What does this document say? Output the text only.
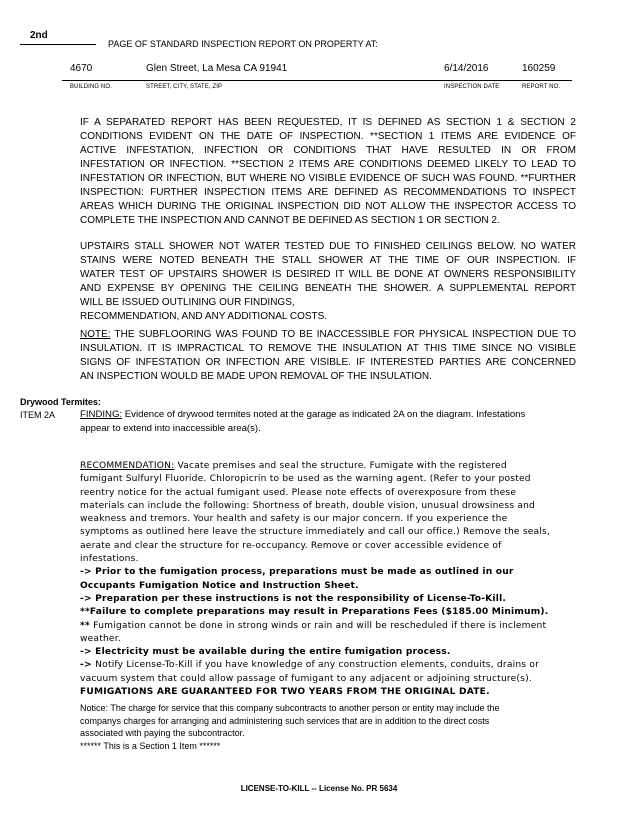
2nd
PAGE OF STANDARD INSPECTION REPORT ON PROPERTY AT:
4670	Glen Street, La Mesa CA 91941	6/14/2016	160259
BUILDING NO.	STREET, CITY, STATE, ZIP	INSPECTION DATE	REPORT NO.
IF A SEPARATED REPORT HAS BEEN REQUESTED, IT IS DEFINED AS SECTION 1 & SECTION 2
CONDITIONS EVIDENT ON THE DATE OF INSPECTION. **SECTION 1 ITEMS ARE EVIDENCE OF
ACTIVE INFESTATION, INFECTION OR CONDITIONS THAT HAVE RESULTED IN OR FROM
INFESTATION OR INFECTION. **SECTION 2 ITEMS ARE CONDITIONS DEEMED LIKELY TO LEAD TO
INFESTATION OR INFECTION, BUT WHERE NO VISIBLE EVIDENCE OF SUCH WAS FOUND. **FURTHER
INSPECTION: FURTHER INSPECTION ITEMS ARE DEFINED AS RECOMMENDATIONS TO INSPECT
AREAS WHICH DURING THE ORIGINAL INSPECTION DID NOT ALLOW THE INSPECTOR ACCESS TO
COMPLETE THE INSPECTION AND CANNOT BE DEFINED AS SECTION 1 OR SECTION 2.
UPSTAIRS STALL SHOWER NOT WATER TESTED DUE TO FINISHED CEILINGS BELOW. NO WATER
STAINS WERE NOTED BENEATH THE STALL SHOWER AT THE TIME OF OUR INSPECTION. IF
WATER TEST OF UPSTAIRS SHOWER IS DESIRED IT WILL BE DONE AT OWNERS RESPONSIBILITY
AND EXPENSE BY OPENING THE CEILING BENEATH THE SHOWER. A SUPPLEMENTAL REPORT
WILL BE ISSUED OUTLINING OUR FINDINGS,
RECOMMENDATION, AND ANY ADDITIONAL COSTS.
NOTE: THE SUBFLOORING WAS FOUND TO BE INACCESSIBLE FOR PHYSICAL INSPECTION DUE TO
INSULATION. IT IS IMPRACTICAL TO REMOVE THE INSULATION AT THIS TIME SINCE NO VISIBLE
SIGNS OF INFESTATION OR INFECTION ARE VISIBLE. IF INTERESTED PARTIES ARE CONCERNED
AN INSPECTION WOULD BE MADE UPON REMOVAL OF THE INSULATION.
Drywood Termites:
ITEM 2A	FINDING: Evidence of drywood termites noted at the garage as indicated 2A on the diagram. Infestations
appear to extend into inaccessible area(s).
RECOMMENDATION: Vacate premises and seal the structure. Fumigate with the registered
fumigant Sulfuryl Fluoride. Chloropicrin to be used as the warning agent. (Refer to your posted
reentry notice for the actual fumigant used. Please note effects of overexposure from these
materials can include the following: Shortness of breath, double vision, unusual drowsiness and
weakness and tremors. Your health and safety is our major concern. If you experience the
symptoms as outlined here leave the structure immediately and call our office.) Remove the seals,
aerate and clear the structure for re-occupancy. Remove or cover accessible evidence of
infestations.
-> Prior to the fumigation process, preparations must be made as outlined in our
Occupants Fumigation Notice and Instruction Sheet.
-> Preparation per these instructions is not the responsibility of License-To-Kill.
**Failure to complete preparations may result in Preparations Fees ($185.00 Minimum).
** Fumigation cannot be done in strong winds or rain and will be rescheduled if there is inclement
weather.
-> Electricity must be available during the entire fumigation process.
-> Notify License-To-Kill if you have knowledge of any construction elements, conduits, drains or
vacuum system that could allow passage of fumigant to any adjacent or adjoining structure(s).
FUMIGATIONS ARE GUARANTEED FOR TWO YEARS FROM THE ORIGINAL DATE.
Notice: The charge for service that this company subcontracts to another person or entity may include the
companys charges for arranging and administering such services that are in addition to the direct costs
associated with paying the subcontractor.
****** This is a Section 1 Item ******
LICENSE-TO-KILL -- License No. PR 5634
